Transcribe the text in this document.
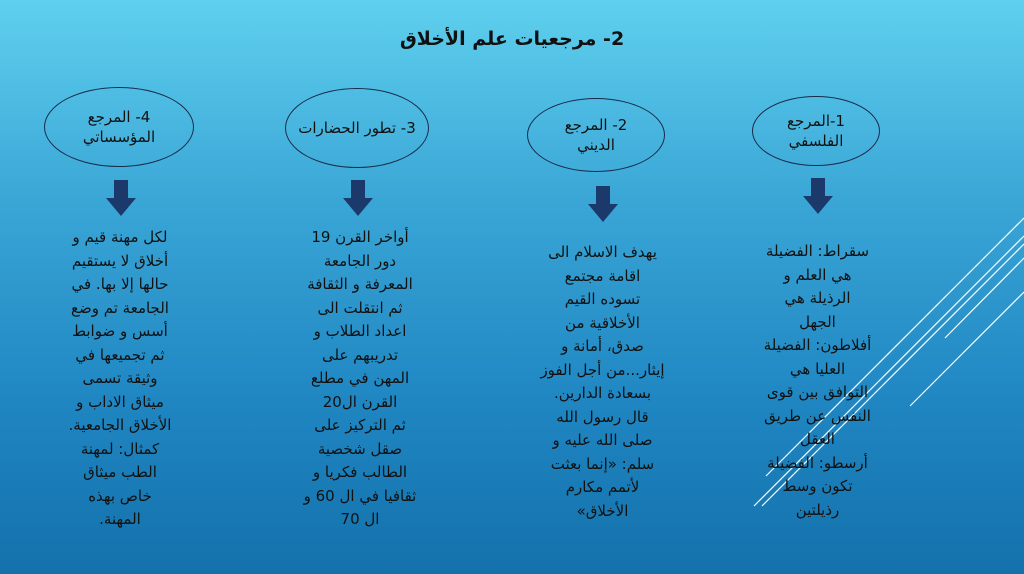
2- مرجعيات علم الأخلاق
1-المرجع الفلسفي
سقراط: الفضيلة
هي العلم و
الرذيلة هي
الجهل
أفلاطون: الفضيلة
العليا هي
التوافق بين قوى
النفس عن طريق
العقل
أرسطو: الفضيلة
تكون وسط
رذيلتين
2- المرجع الديني
يهدف الاسلام الى
اقامة مجتمع
تسوده القيم
الأخلاقية من
صدق، أمانة و
إيثار...من أجل الفوز
بسعادة الدارين.
قال رسول الله
صلى الله عليه و
سلم: «إنما بعثت
لأتمم مكارم
الأخلاق»
3- تطور الحضارات
أواخر القرن 19
دور الجامعة
المعرفة و الثقافة
ثم انتقلت الى
اعداد الطلاب و
تدريبهم على
المهن في مطلع
القرن ال20
ثم التركيز على
صقل شخصية
الطالب فكريا و
ثقافيا في ال 60 و
ال 70
4- المرجع المؤسساتي
لكل مهنة قيم و
أخلاق لا يستقيم
حالها إلا بها. في
الجامعة تم وضع
أسس و ضوابط
ثم تجميعها في
وثيقة تسمى
ميثاق الاداب و
الأخلاق الجامعية.
كمثال: لمهنة
الطب ميثاق
خاص بهذه
المهنة.
